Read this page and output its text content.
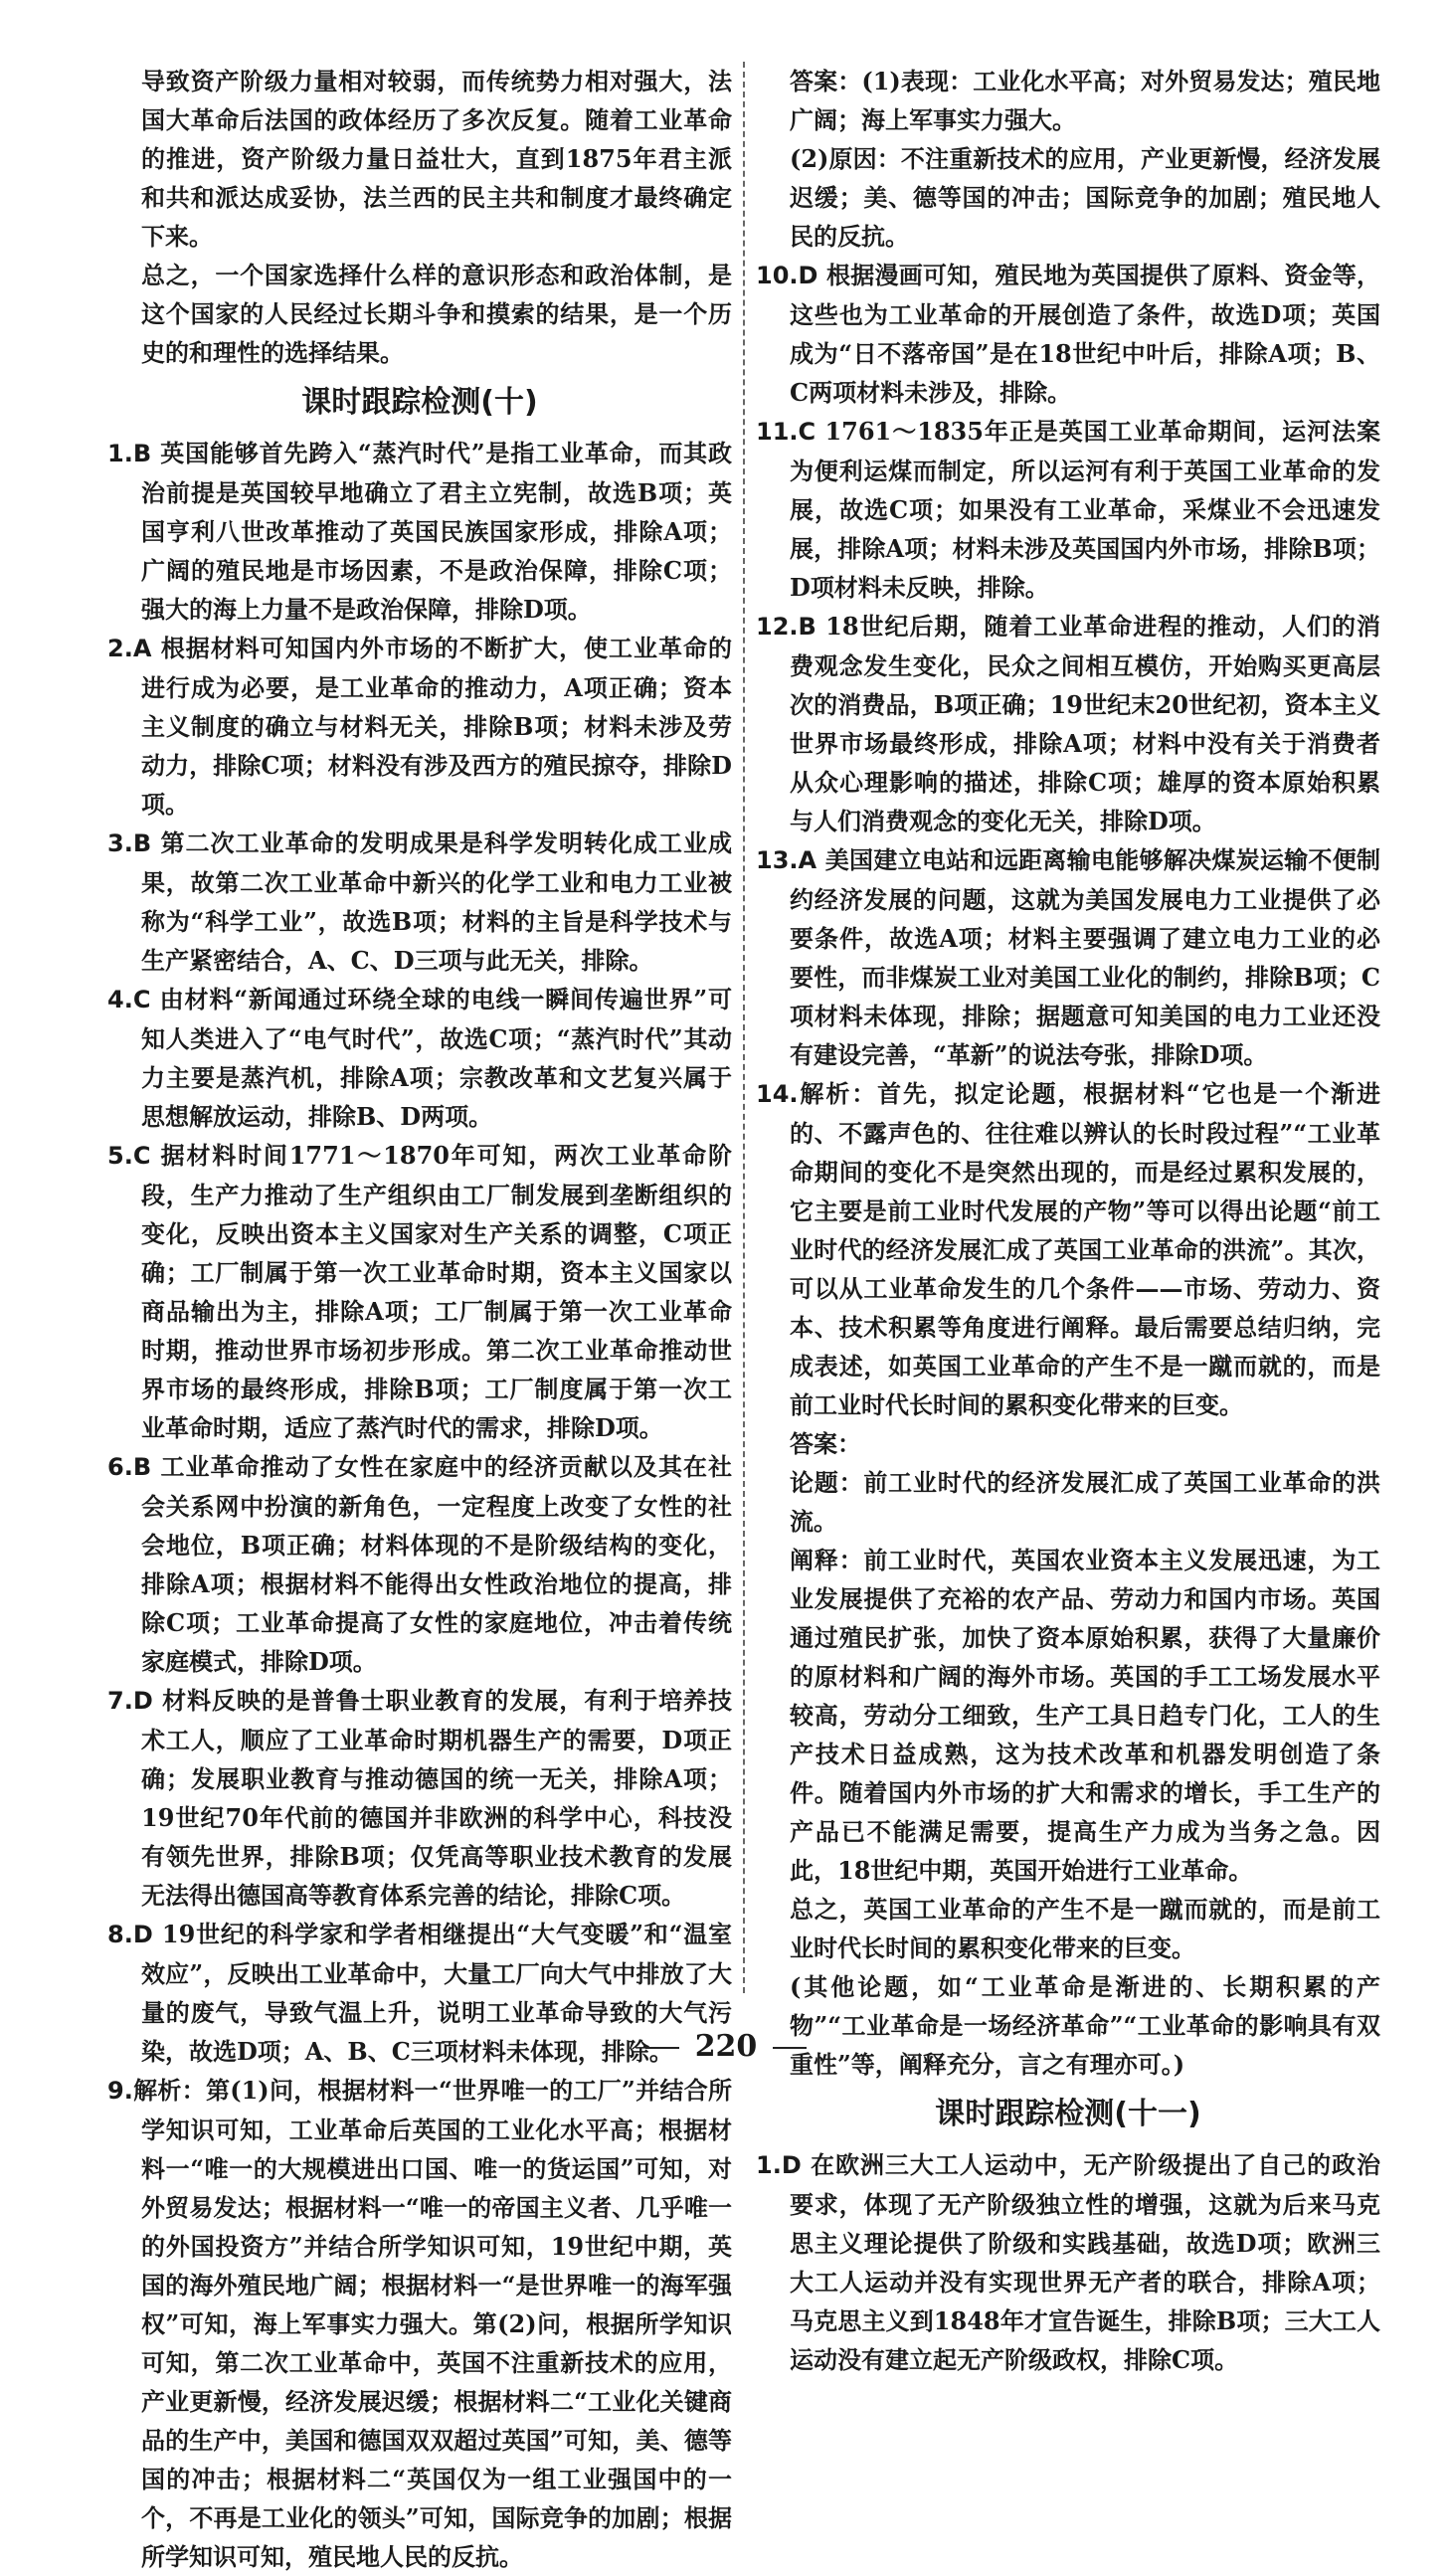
导致资产阶级力量相对较弱，而传统势力相对强大，法国大革命后法国的政体经历了多次反复。随着工业革命的推进，资产阶级力量日益壮大，直到1875年君主派和共和派达成妥协，法兰西的民主共和制度才最终确定下来。

总之，一个国家选择什么样的意识形态和政治体制，是这个国家的人民经过长期斗争和摸索的结果，是一个历史的和理性的选择结果。

课时跟踪检测(十)

1.B 英国能够首先跨入“蒸汽时代”是指工业革命，而其政治前提是英国较早地确立了君主立宪制，故选B项；英国亨利八世改革推动了英国民族国家形成，排除A项；广阔的殖民地是市场因素，不是政治保障，排除C项；强大的海上力量不是政治保障，排除D项。

2.A 根据材料可知国内外市场的不断扩大，使工业革命的进行成为必要，是工业革命的推动力，A项正确；资本主义制度的确立与材料无关，排除B项；材料未涉及劳动力，排除C项；材料没有涉及西方的殖民掠夺，排除D项。

3.B 第二次工业革命的发明成果是科学发明转化成工业成果，故第二次工业革命中新兴的化学工业和电力工业被称为“科学工业”，故选B项；材料的主旨是科学技术与生产紧密结合，A、C、D三项与此无关，排除。

4.C 由材料“新闻通过环绕全球的电线一瞬间传遍世界”可知人类进入了“电气时代”，故选C项；“蒸汽时代”其动力主要是蒸汽机，排除A项；宗教改革和文艺复兴属于思想解放运动，排除B、D两项。

5.C 据材料时间1771～1870年可知，两次工业革命阶段，生产力推动了生产组织由工厂制发展到垄断组织的变化，反映出资本主义国家对生产关系的调整，C项正确；工厂制属于第一次工业革命时期，资本主义国家以商品输出为主，排除A项；工厂制属于第一次工业革命时期，推动世界市场初步形成。第二次工业革命推动世界市场的最终形成，排除B项；工厂制度属于第一次工业革命时期，适应了蒸汽时代的需求，排除D项。

6.B 工业革命推动了女性在家庭中的经济贡献以及其在社会关系网中扮演的新角色，一定程度上改变了女性的社会地位，B项正确；材料体现的不是阶级结构的变化，排除A项；根据材料不能得出女性政治地位的提高，排除C项；工业革命提高了女性的家庭地位，冲击着传统家庭模式，排除D项。

7.D 材料反映的是普鲁士职业教育的发展，有利于培养技术工人，顺应了工业革命时期机器生产的需要，D项正确；发展职业教育与推动德国的统一无关，排除A项；19世纪70年代前的德国并非欧洲的科学中心，科技没有领先世界，排除B项；仅凭高等职业技术教育的发展无法得出德国高等教育体系完善的结论，排除C项。

8.D 19世纪的科学家和学者相继提出“大气变暖”和“温室效应”，反映出工业革命中，大量工厂向大气中排放了大量的废气，导致气温上升，说明工业革命导致的大气污染，故选D项；A、B、C三项材料未体现，排除。

9.解析：第(1)问，根据材料一“世界唯一的工厂”并结合所学知识可知，工业革命后英国的工业化水平高；根据材料一“唯一的大规模进出口国、唯一的货运国”可知，对外贸易发达；根据材料一“唯一的帝国主义者、几乎唯一的外国投资方”并结合所学知识可知，19世纪中期，英国的海外殖民地广阔；根据材料一“是世界唯一的海军强权”可知，海上军事实力强大。第(2)问，根据所学知识可知，第二次工业革命中，英国不注重新技术的应用，产业更新慢，经济发展迟缓；根据材料二“工业化关键商品的生产中，美国和德国双双超过英国”可知，美、德等国的冲击；根据材料二“英国仅为一组工业强国中的一个，不再是工业化的领头”可知，国际竞争的加剧；根据所学知识可知，殖民地人民的反抗。

答案：(1)表现：工业化水平高；对外贸易发达；殖民地广阔；海上军事实力强大。

(2)原因：不注重新技术的应用，产业更新慢，经济发展迟缓；美、德等国的冲击；国际竞争的加剧；殖民地人民的反抗。

10.D 根据漫画可知，殖民地为英国提供了原料、资金等，这些也为工业革命的开展创造了条件，故选D项；英国成为“日不落帝国”是在18世纪中叶后，排除A项；B、C两项材料未涉及，排除。

11.C 1761～1835年正是英国工业革命期间，运河法案为便利运煤而制定，所以运河有利于英国工业革命的发展，故选C项；如果没有工业革命，采煤业不会迅速发展，排除A项；材料未涉及英国国内外市场，排除B项；D项材料未反映，排除。

12.B 18世纪后期，随着工业革命进程的推动，人们的消费观念发生变化，民众之间相互模仿，开始购买更高层次的消费品，B项正确；19世纪末20世纪初，资本主义世界市场最终形成，排除A项；材料中没有关于消费者从众心理影响的描述，排除C项；雄厚的资本原始积累与人们消费观念的变化无关，排除D项。

13.A 美国建立电站和远距离输电能够解决煤炭运输不便制约经济发展的问题，这就为美国发展电力工业提供了必要条件，故选A项；材料主要强调了建立电力工业的必要性，而非煤炭工业对美国工业化的制约，排除B项；C项材料未体现，排除；据题意可知美国的电力工业还没有建设完善，“革新”的说法夸张，排除D项。

14.解析：首先，拟定论题，根据材料“它也是一个渐进的、不露声色的、往往难以辨认的长时段过程”“工业革命期间的变化不是突然出现的，而是经过累积发展的，它主要是前工业时代发展的产物”等可以得出论题“前工业时代的经济发展汇成了英国工业革命的洪流”。其次，可以从工业革命发生的几个条件——市场、劳动力、资本、技术积累等角度进行阐释。最后需要总结归纳，完成表述，如英国工业革命的产生不是一蹴而就的，而是前工业时代长时间的累积变化带来的巨变。

答案：

论题：前工业时代的经济发展汇成了英国工业革命的洪流。

阐释：前工业时代，英国农业资本主义发展迅速，为工业发展提供了充裕的农产品、劳动力和国内市场。英国通过殖民扩张，加快了资本原始积累，获得了大量廉价的原材料和广阔的海外市场。英国的手工工场发展水平较高，劳动分工细致，生产工具日趋专门化，工人的生产技术日益成熟，这为技术改革和机器发明创造了条件。随着国内外市场的扩大和需求的增长，手工生产的产品已不能满足需要，提高生产力成为当务之急。因此，18世纪中期，英国开始进行工业革命。

总之，英国工业革命的产生不是一蹴而就的，而是前工业时代长时间的累积变化带来的巨变。

(其他论题，如“工业革命是渐进的、长期积累的产物”“工业革命是一场经济革命”“工业革命的影响具有双重性”等，阐释充分，言之有理亦可。)

课时跟踪检测(十一)

1.D 在欧洲三大工人运动中，无产阶级提出了自己的政治要求，体现了无产阶级独立性的增强，这就为后来马克思主义理论提供了阶级和实践基础，故选D项；欧洲三大工人运动并没有实现世界无产者的联合，排除A项；马克思主义到1848年才宣告诞生，排除B项；三大工人运动没有建立起无产阶级政权，排除C项。

220
